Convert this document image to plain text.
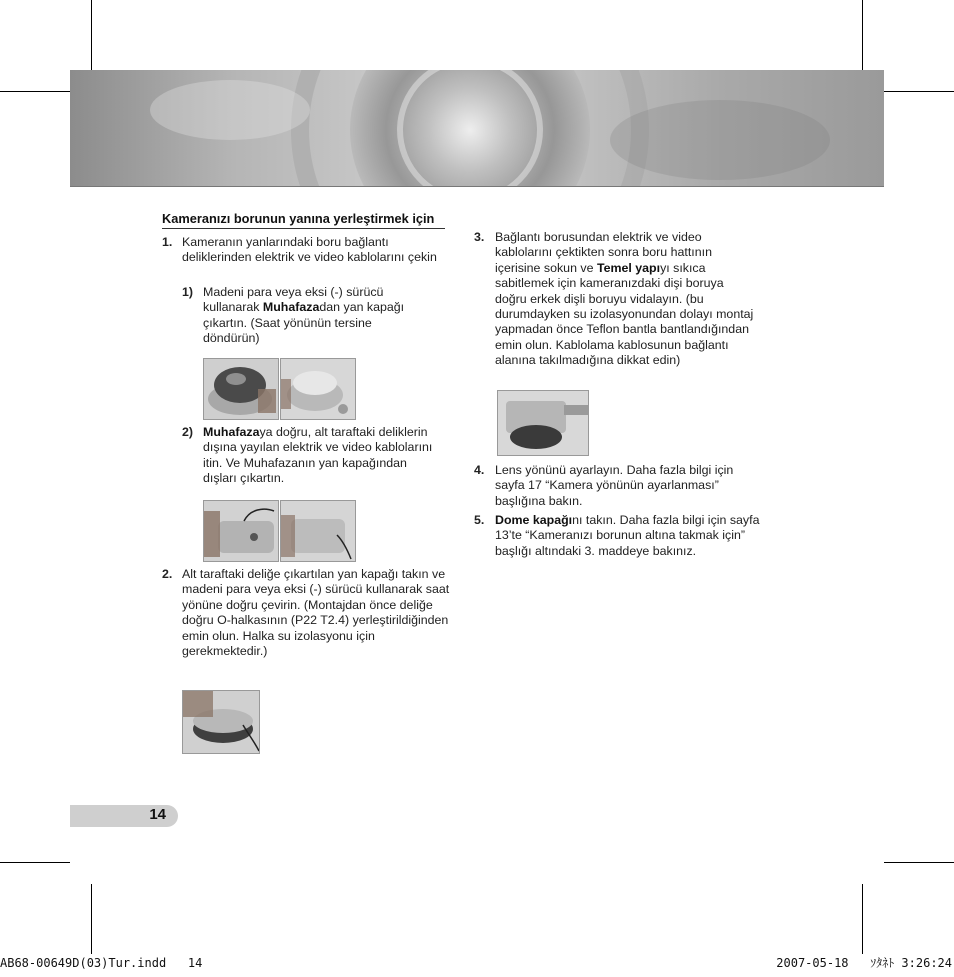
Kameranızı borunun yanına yerleştirmek için
1. Kameranın yanlarındaki boru bağlantı deliklerinden elektrik ve video kablolarını çekin
1) Madeni para veya eksi (-) sürücü kullanarak Muhafazadan yan kapağı çıkartın. (Saat yönünün tersine döndürün)
2) Muhafazaya doğru, alt taraftaki deliklerin dışına yayılan elektrik ve video kablolarını itin. Ve Muhafazanın yan kapağından dışları çıkartın.
2. Alt taraftaki deliğe çıkartılan yan kapağı takın ve madeni para veya eksi (-) sürücü kullanarak saat yönüne doğru çevirin. (Montajdan önce deliğe doğru O-halkasının (P22 T2.4) yerleştirildiğinden emin olun. Halka su izolasyonu için gerekmektedir.)
3. Bağlantı borusundan elektrik ve video kablolarını çektikten sonra boru hattının içerisine sokun ve Temel yapıyı sıkıca sabitlemek için kameranızdaki dişi boruya doğru erkek dişli boruyu vidalayın. (bu durumdayken su izolasyonundan dolayı montaj yapmadan önce Teflon bantla bantlandığından emin olun. Kablolama kablosunun bağlantı alanına takılmadığına dikkat edin)
4. Lens yönünü ayarlayın. Daha fazla bilgi için sayfa 17 “Kamera yönünün ayarlanması” başlığına bakın.
5. Dome kapağını takın. Daha fazla bilgi için sayfa 13’te “Kameranızı borunun altına takmak için” başlığı altındaki 3. maddeye bakınız.
14
AB68-00649D(03)Tur.indd   14	2007-05-18   ｿﾀﾈﾄ 3:26:24
